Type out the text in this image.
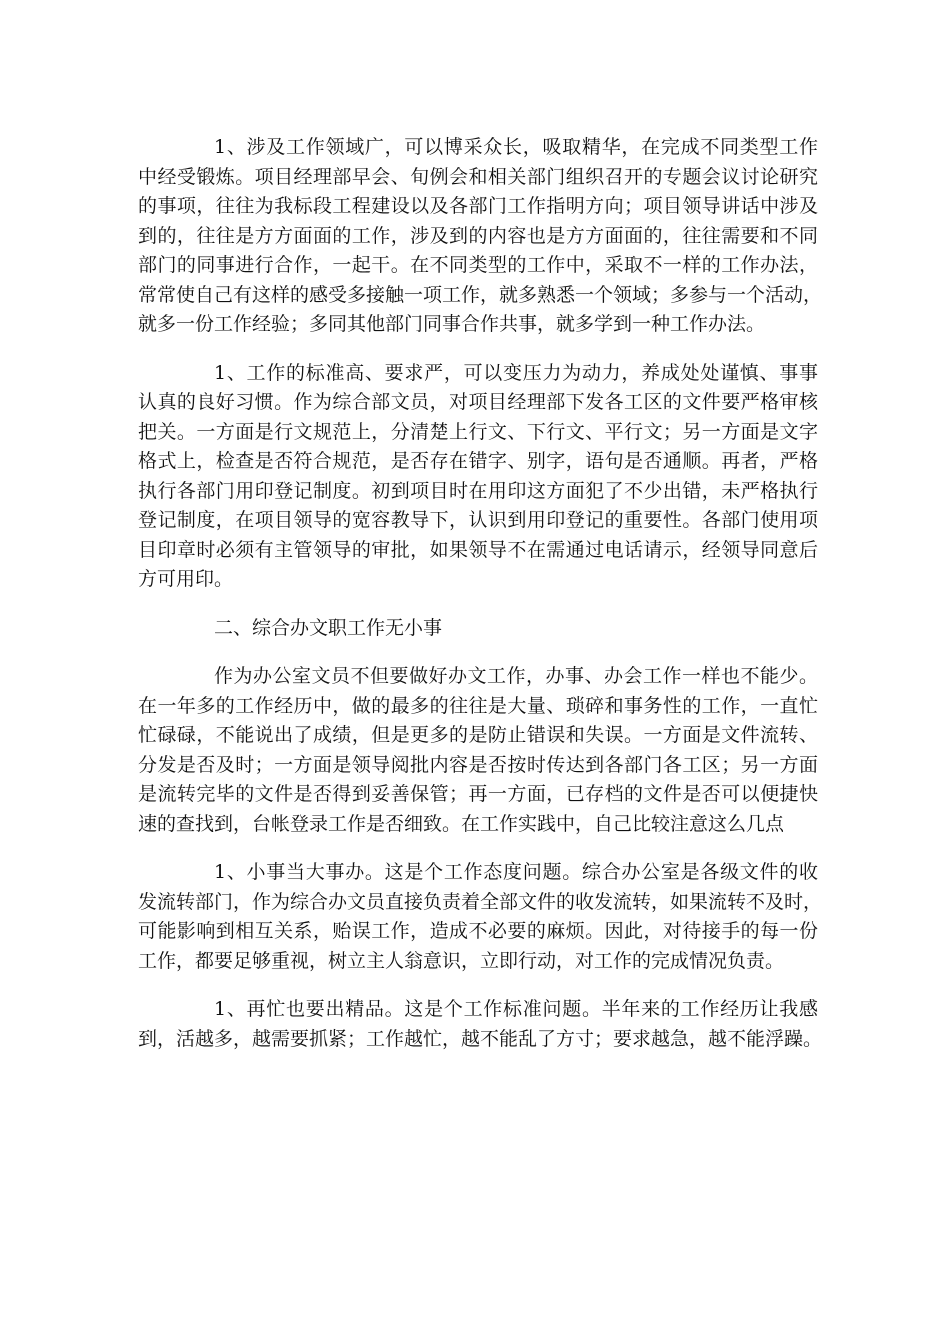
1、涉及工作领域广，可以博采众长，吸取精华，在完成不同类型工作
中经受锻炼。项目经理部早会、旬例会和相关部门组织召开的专题会议讨论研究
的事项，往往为我标段工程建设以及各部门工作指明方向；项目领导讲话中涉及
到的，往往是方方面面的工作，涉及到的内容也是方方面面的，往往需要和不同
部门的同事进行合作，一起干。在不同类型的工作中，采取不一样的工作办法，
常常使自己有这样的感受多接触一项工作，就多熟悉一个领域；多参与一个活动，
就多一份工作经验；多同其他部门同事合作共事，就多学到一种工作办法。
1、工作的标准高、要求严，可以变压力为动力，养成处处谨慎、事事
认真的良好习惯。作为综合部文员，对项目经理部下发各工区的文件要严格审核
把关。一方面是行文规范上，分清楚上行文、下行文、平行文；另一方面是文字
格式上，检查是否符合规范，是否存在错字、别字，语句是否通顺。再者，严格
执行各部门用印登记制度。初到项目时在用印这方面犯了不少出错，未严格执行
登记制度，在项目领导的宽容教导下，认识到用印登记的重要性。各部门使用项
目印章时必须有主管领导的审批，如果领导不在需通过电话请示，经领导同意后
方可用印。
二、综合办文职工作无小事
作为办公室文员不但要做好办文工作，办事、办会工作一样也不能少。
在一年多的工作经历中，做的最多的往往是大量、琐碎和事务性的工作，一直忙
忙碌碌，不能说出了成绩，但是更多的是防止错误和失误。一方面是文件流转、
分发是否及时；一方面是领导阅批内容是否按时传达到各部门各工区；另一方面
是流转完毕的文件是否得到妥善保管；再一方面，已存档的文件是否可以便捷快
速的查找到，台帐登录工作是否细致。在工作实践中，自己比较注意这么几点
1、小事当大事办。这是个工作态度问题。综合办公室是各级文件的收
发流转部门，作为综合办文员直接负责着全部文件的收发流转，如果流转不及时，
可能影响到相互关系，贻误工作，造成不必要的麻烦。因此，对待接手的每一份
工作，都要足够重视，树立主人翁意识，立即行动，对工作的完成情况负责。
1、再忙也要出精品。这是个工作标准问题。半年来的工作经历让我感
到，活越多，越需要抓紧；工作越忙，越不能乱了方寸；要求越急，越不能浮躁。
